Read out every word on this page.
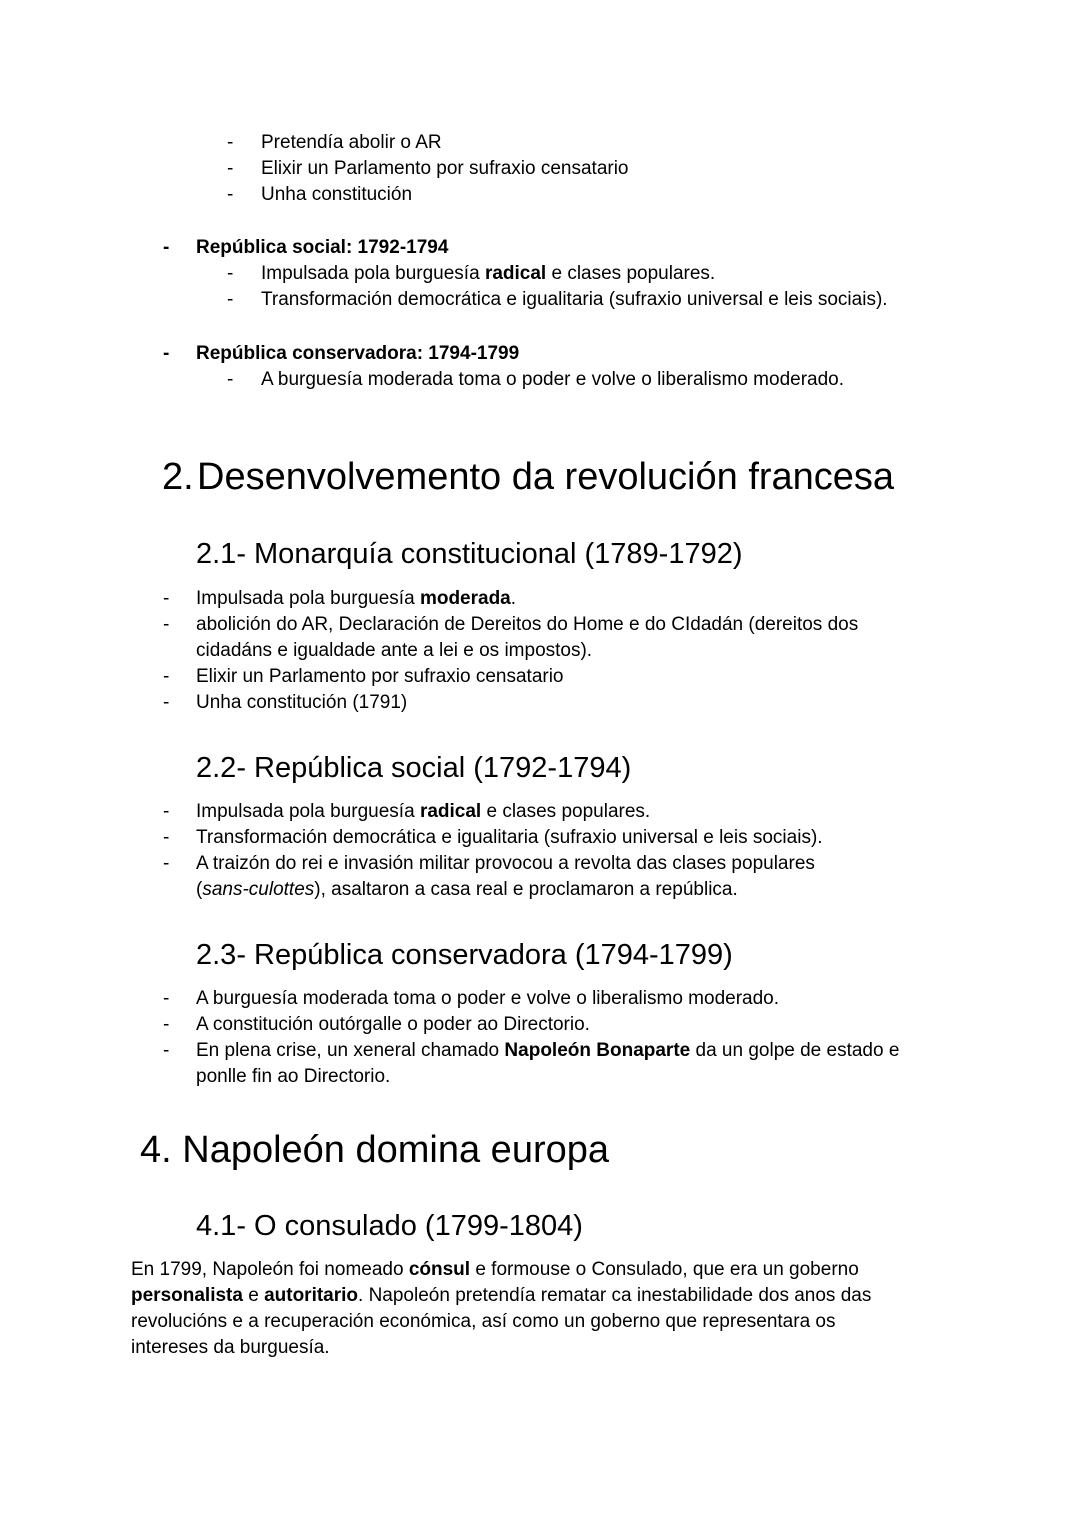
- Pretendía abolir o AR
- Elixir un Parlamento por sufraxio censatario
- Unha constitución
- República social: 1792-1794
- Impulsada pola burguesía radical e clases populares.
- Transformación democrática e igualitaria (sufraxio universal e leis sociais).
- República conservadora: 1794-1799
- A burguesía moderada toma o poder e volve o liberalismo moderado.
2. Desenvolvemento da revolución francesa
2.1- Monarquía constitucional (1789-1792)
- Impulsada pola burguesía moderada.
- abolición do AR, Declaración de Dereitos do Home e do CIdadán (dereitos dos
cidadáns e igualdade ante a lei e os impostos).
- Elixir un Parlamento por sufraxio censatario
- Unha constitución (1791)
2.2- República social (1792-1794)
- Impulsada pola burguesía radical e clases populares.
- Transformación democrática e igualitaria (sufraxio universal e leis sociais).
- A traizón do rei e invasión militar provocou a revolta das clases populares
(sans-culottes), asaltaron a casa real e proclamaron a república.
2.3- República conservadora (1794-1799)
- A burguesía moderada toma o poder e volve o liberalismo moderado.
- A constitución outórgalle o poder ao Directorio.
- En plena crise, un xeneral chamado Napoleón Bonaparte da un golpe de estado e
ponlle fin ao Directorio.
4. Napoleón domina europa
4.1- O consulado (1799-1804)
En 1799, Napoleón foi nomeado cónsul e formouse o Consulado, que era un goberno
personalista e autoritario. Napoleón pretendía rematar ca inestabilidade dos anos das
revolucións e a recuperación económica, así como un goberno que representara os
intereses da burguesía.
